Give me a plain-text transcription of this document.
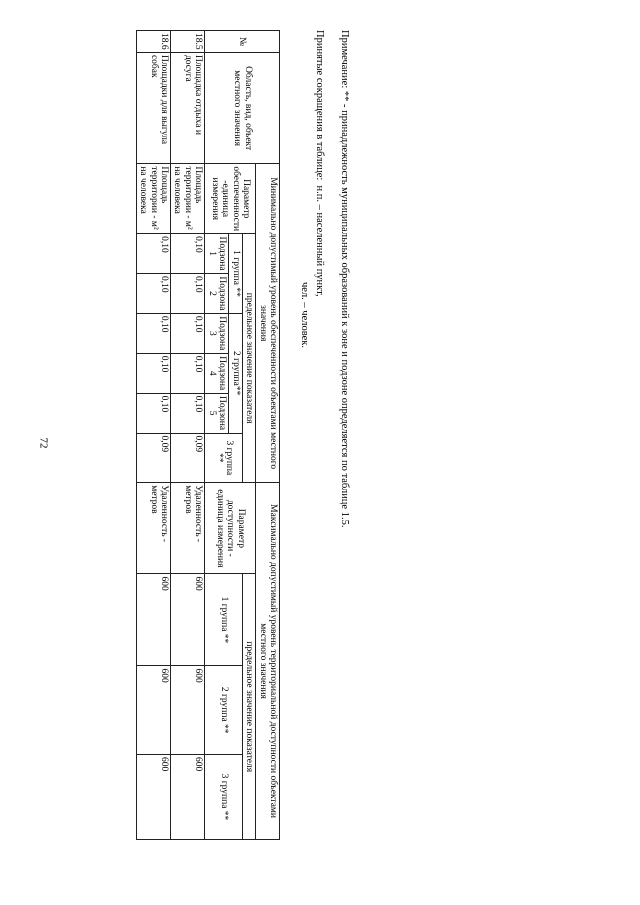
72
№	Область, вид, объект местного значения	Минимально допустимый уровень обеспеченности объектами местного значения							Максимально допустимый уровень территориальной доступности объектами местного значения			
		Параметр обеспеченности -единица измерения	предельное значение показателя						Параметр доступности - единица измерения	предельное значение показателя		
			1 группа **		2 группа**			3 группа **		1 группа **	2 группа **	3 группа **
			Подзона 1	Подзона 2	Подзона 3	Подзона 4	Подзона 5					
18.5	Площадка отдыха и досуга	Площадь территории - м² на человека	0,10	0,10	0,10	0,10	0,10	0,09	Удаленность - метров	600	600	600
18.6	Площадки для выгула собак	Площадь территории - м² на человека	0,10	0,10	0,10	0,10	0,10	0,09	Удаленность - метров	600	600	600
Примечание: ** - принадлежность муниципальных образований к зоне и подзоне определяется по таблице 1.5.
Принятые сокращения в таблице:  н.п. – населенный пункт,
чел. – человек.
